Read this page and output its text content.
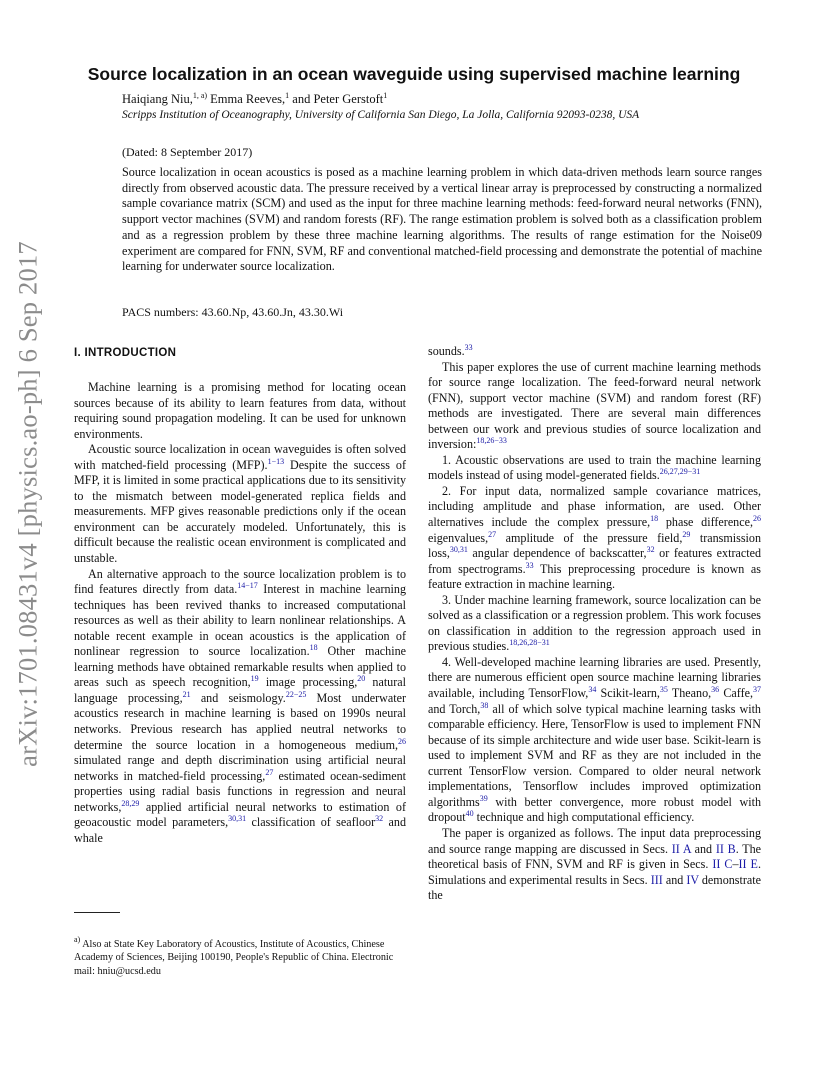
arXiv:1701.08431v4 [physics.ao-ph] 6 Sep 2017
Source localization in an ocean waveguide using supervised machine learning
Haiqiang Niu,$^{1, a)}$ Emma Reeves,$^1$ and Peter Gerstoft$^1$
Scripps Institution of Oceanography, University of California San Diego, La Jolla, California 92093-0238, USA
(Dated: 8 September 2017)

Source localization in ocean acoustics is posed as a machine learning problem in which data-driven methods learn source ranges directly from observed acoustic data. The pressure received by a vertical linear array is preprocessed by constructing a normalized sample covariance matrix (SCM) and used as the input for three machine learning methods: feed-forward neural networks (FNN), support vector machines (SVM) and random forests (RF). The range estimation problem is solved both as a classification problem and as a regression problem by these three machine learning algorithms. The results of range estimation for the Noise09 experiment are compared for FNN, SVM, RF and conventional matched-field processing and demonstrate the potential of machine learning for underwater source localization.

PACS numbers: 43.60.Np, 43.60.Jn, 43.30.Wi
I. INTRODUCTION

Machine learning is a promising method for locating ocean sources because of its ability to learn features from data, without requiring sound propagation modeling. It can be used for unknown environments.

Acoustic source localization in ocean waveguides is often solved with matched-field processing (MFP).$^{1-13}$ Despite the success of MFP, it is limited in some practical applications due to its sensitivity to the mismatch between model-generated replica fields and measurements. MFP gives reasonable predictions only if the ocean environment can be accurately modeled. Unfortunately, this is difficult because the realistic ocean environment is complicated and unstable.

An alternative approach to the source localization problem is to find features directly from data.$^{14-17}$ Interest in machine learning techniques has been revived thanks to increased computational resources as well as their ability to learn nonlinear relationships. A notable recent example in ocean acoustics is the application of nonlinear regression to source localization.$^{18}$ Other machine learning methods have obtained remarkable results when applied to areas such as speech recognition,$^{19}$ image processing,$^{20}$ natural language processing,$^{21}$ and seismology.$^{22-25}$ Most underwater acoustics research in machine learning is based on 1990s neural networks. Previous research has applied neutral networks to determine the source location in a homogeneous medium,$^{26}$ simulated range and depth discrimination using artificial neural networks in matched-field processing,$^{27}$ estimated ocean-sediment properties using radial basis functions in regression and neural networks,$^{28,29}$ applied artificial neural networks to estimation of geoacoustic model parameters,$^{30,31}$ classification of seafloor$^{32}$ and whale

$^{a)}$ Also at State Key Laboratory of Acoustics, Institute of Acoustics, Chinese Academy of Sciences, Beijing 100190, People's Republic of China. Electronic mail: hniu@ucsd.edu

sounds.$^{33}$

This paper explores the use of current machine learning methods for source range localization. The feed-forward neural network (FNN), support vector machine (SVM) and random forest (RF) methods are investigated. There are several main differences between our work and previous studies of source localization and inversion:$^{18,26-33}$

1. Acoustic observations are used to train the machine learning models instead of using model-generated fields.$^{26,27,29-31}$

2. For input data, normalized sample covariance matrices, including amplitude and phase information, are used. Other alternatives include the complex pressure,$^{18}$ phase difference,$^{26}$ eigenvalues,$^{27}$ amplitude of the pressure field,$^{29}$ transmission loss,$^{30,31}$ angular dependence of backscatter,$^{32}$ or features extracted from spectrograms.$^{33}$ This preprocessing procedure is known as feature extraction in machine learning.

3. Under machine learning framework, source localization can be solved as a classification or a regression problem. This work focuses on classification in addition to the regression approach used in previous studies.$^{18,26,28-31}$

4. Well-developed machine learning libraries are used. Presently, there are numerous efficient open source machine learning libraries available, including TensorFlow,$^{34}$ Scikit-learn,$^{35}$ Theano,$^{36}$ Caffe,$^{37}$ and Torch,$^{38}$ all of which solve typical machine learning tasks with comparable efficiency. Here, TensorFlow is used to implement FNN because of its simple architecture and wide user base. Scikit-learn is used to implement SVM and RF as they are not included in the current TensorFlow version. Compared to older neural network implementations, Tensorflow includes improved optimization algorithms$^{39}$ with better convergence, more robust model with dropout$^{40}$ technique and high computational efficiency.

The paper is organized as follows. The input data preprocessing and source range mapping are discussed in Secs. II A and II B. The theoretical basis of FNN, SVM and RF is given in Secs. II C–II E. Simulations and experimental results in Secs. III and IV demonstrate the
